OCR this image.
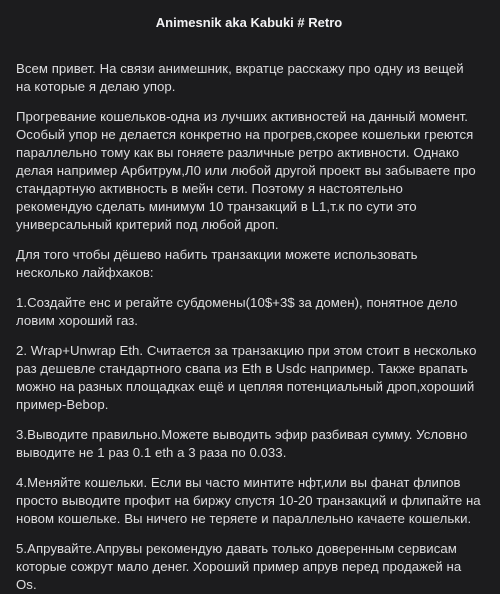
Animesnik aka Kabuki # Retro

Всем привет. На связи анимешник, вкратце расскажу про одну из вещей на которые я делаю упор.

Прогревание кошельков-одна из лучших активностей на данный момент. Особый упор не делается конкретно на прогрев,скорее кошельки греются параллельно тому как вы гоняете различные ретро активности. Однако делая например Арбитрум,Л0 или любой другой проект вы забываете про стандартную активность в мейн сети. Поэтому я настоятельно рекомендую сделать минимум 10 транзакций в L1,т.к по сути это универсальный критерий под любой дроп.

Для того чтобы дёшево набить транзакции можете использовать несколько лайфхаков:

1.Создайте енс и регайте субдомены(10$+3$ за домен), понятное дело ловим хороший газ.

2. Wrap+Unwrap Eth. Считается за транзакцию при этом стоит в несколько раз дешевле стандартного свапа из Eth в Usdc например. Также врапать можно на разных площадках ещё и цепляя потенциальный дроп,хороший пример-Bebop.

3.Выводите правильно.Можете выводить эфир разбивая сумму. Условно выводите не 1 раз 0.1 eth а 3 раза по 0.033.

4.Меняйте кошельки. Если вы часто минтите нфт,или вы фанат флипов просто выводите профит на биржу спустя 10-20 транзакций и флипайте на новом кошельке. Вы ничего не теряете и параллельно качаете кошельки.

5.Апрувайте.Апрувы рекомендую давать только доверенным сервисам которые сожрут мало денег. Хороший пример апрув перед продажей на Os.
